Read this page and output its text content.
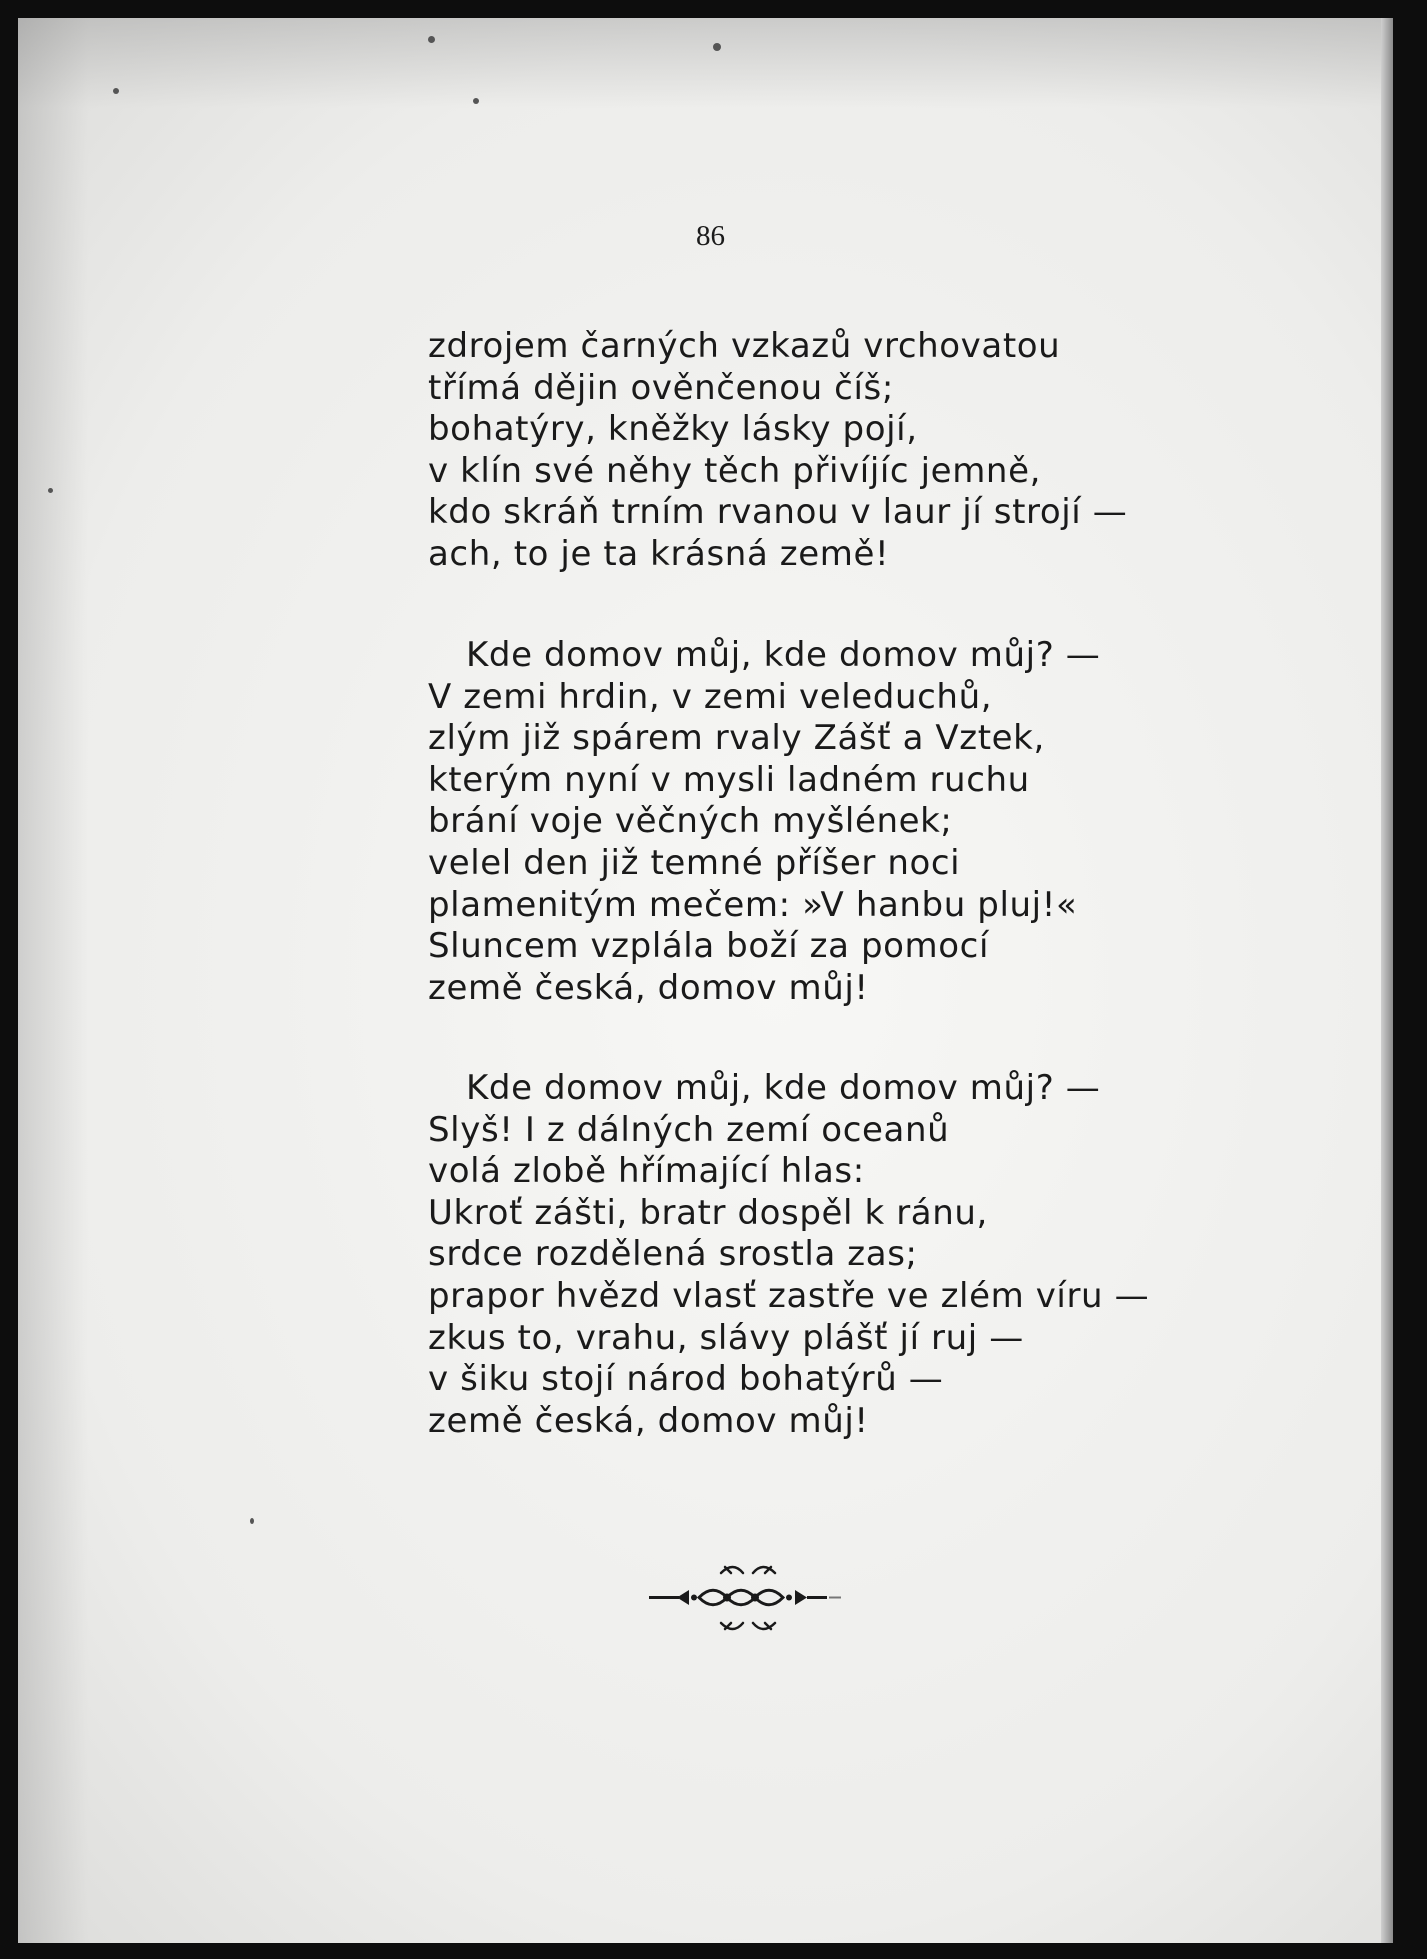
86
zdrojem čarných vzkazů vrchovatou
třímá dějin ověnčenou číš;
bohatýry, kněžky lásky pojí,
v klín své něhy těch přivíjíc jemně,
kdo skráň trním rvanou v laur jí strojí —
ach, to je ta krásná země!
Kde domov můj, kde domov můj? —
V zemi hrdin, v zemi veleduchů,
zlým již spárem rvaly Zášť a Vztek,
kterým nyní v mysli ladném ruchu
brání voje věčných myšlének;
velel den již temné příšer noci
plamenitým mečem: »V hanbu pluj!«
Sluncem vzplála boží za pomocí
země česká, domov můj!
Kde domov můj, kde domov můj? —
Slyš! I z dálných zemí oceanů
volá zlobě hřímající hlas:
Ukroť zášti, bratr dospěl k ránu,
srdce rozdělená srostla zas;
prapor hvězd vlasť zastře ve zlém víru —
zkus to, vrahu, slávy plášť jí ruj —
v šiku stojí národ bohatýrů —
země česká, domov můj!
